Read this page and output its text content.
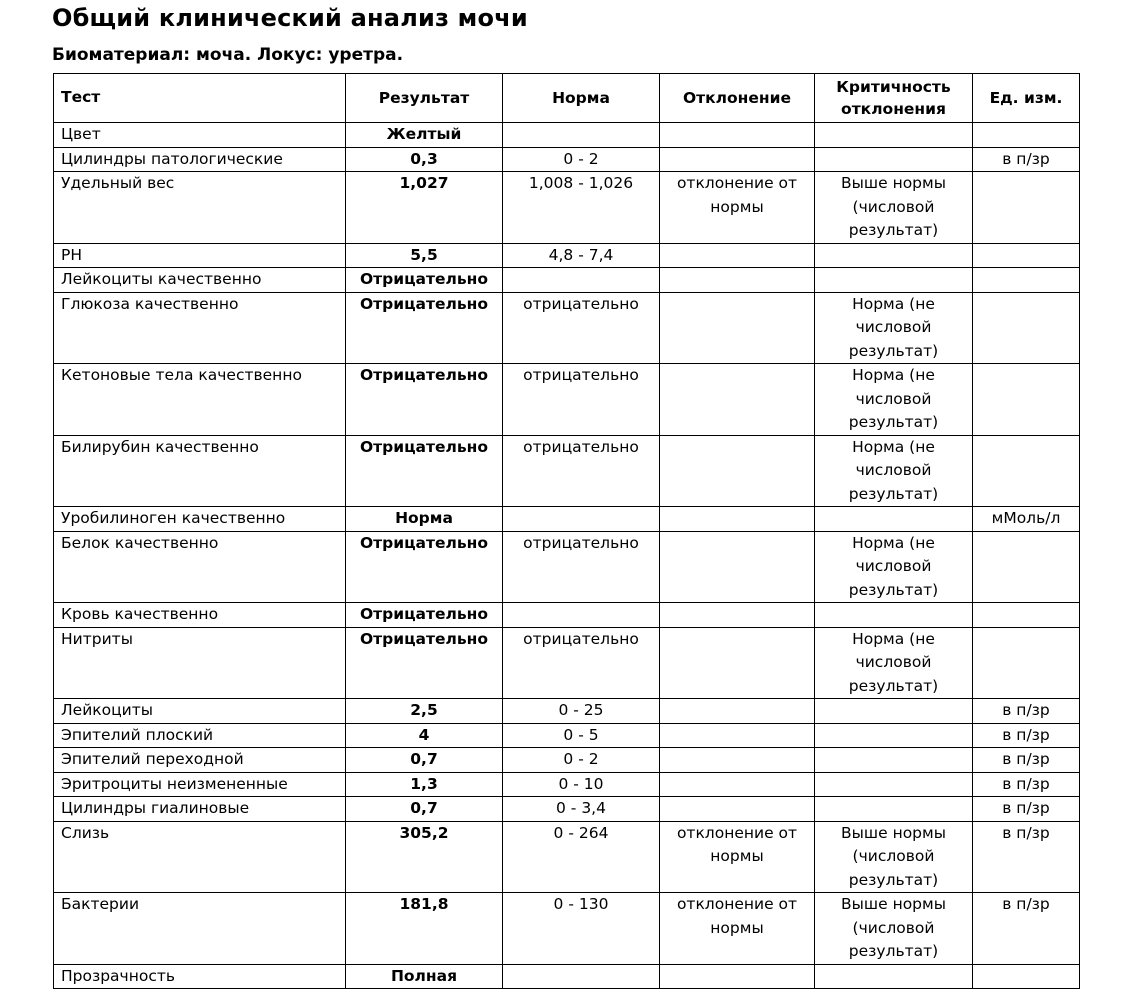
Общий клинический анализ мочи
Биоматериал: моча. Локус: уретра.
Тест	Результат	Норма	Отклонение	Критичность отклонения	Ед. изм.
Цвет	Желтый				
Цилиндры патологические	0,3	0 - 2			в п/зр
Удельный вес	1,027	1,008 - 1,026	отклонение от нормы	Выше нормы (числовой результат)	
PH	5,5	4,8 - 7,4			
Лейкоциты качественно	Отрицательно				
Глюкоза качественно	Отрицательно	отрицательно		Норма (не числовой результат)	
Кетоновые тела качественно	Отрицательно	отрицательно		Норма (не числовой результат)	
Билирубин качественно	Отрицательно	отрицательно		Норма (не числовой результат)	
Уробилиноген качественно	Норма				мМоль/л
Белок качественно	Отрицательно	отрицательно		Норма (не числовой результат)	
Кровь качественно	Отрицательно				
Нитриты	Отрицательно	отрицательно		Норма (не числовой результат)	
Лейкоциты	2,5	0 - 25			в п/зр
Эпителий плоский	4	0 - 5			в п/зр
Эпителий переходной	0,7	0 - 2			в п/зр
Эритроциты неизмененные	1,3	0 - 10			в п/зр
Цилиндры гиалиновые	0,7	0 - 3,4			в п/зр
Слизь	305,2	0 - 264	отклонение от нормы	Выше нормы (числовой результат)	в п/зр
Бактерии	181,8	0 - 130	отклонение от нормы	Выше нормы (числовой результат)	в п/зр
Прозрачность	Полная				
